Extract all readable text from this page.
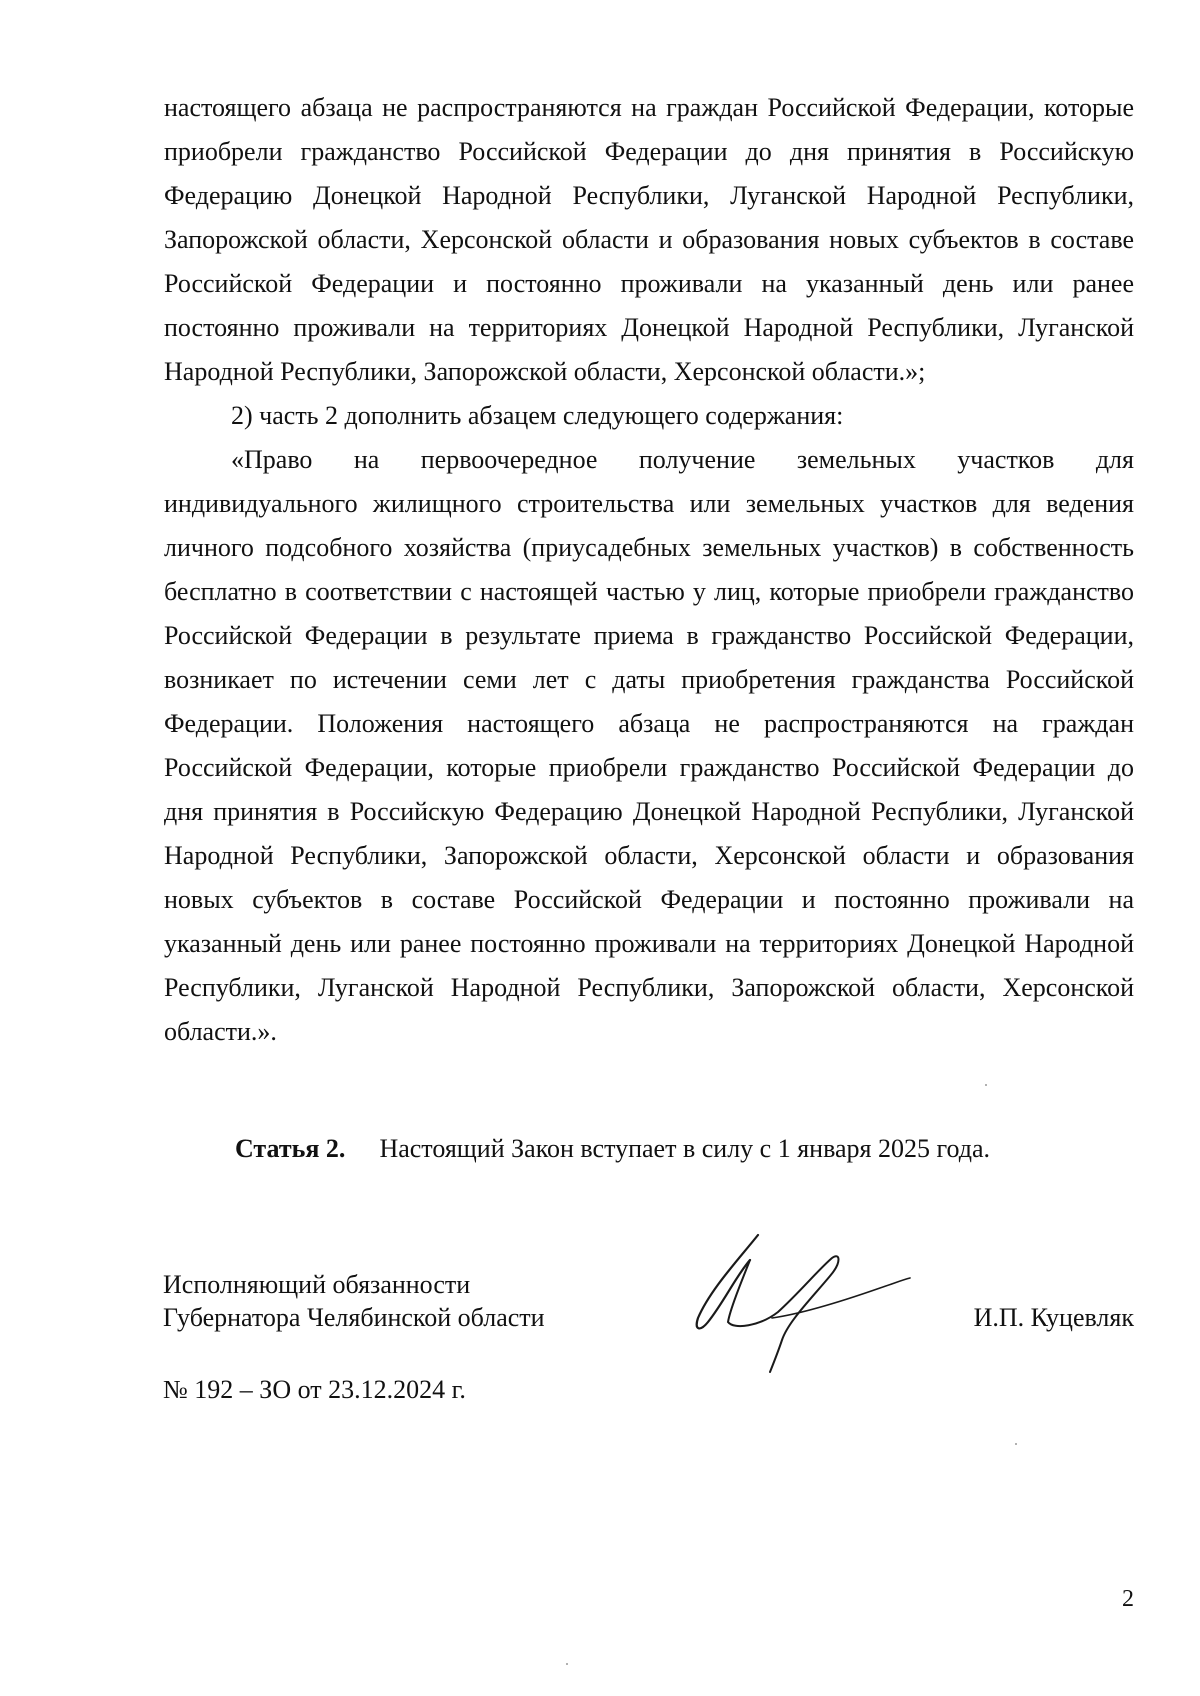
настоящего абзаца не распространяются на граждан Российской Федерации, которые
приобрели гражданство Российской Федерации до дня принятия в Российскую
Федерацию Донецкой Народной Республики, Луганской Народной Республики,
Запорожской области, Херсонской области и образования новых субъектов в составе
Российской Федерации и постоянно проживали на указанный день или ранее
постоянно проживали на территориях Донецкой Народной Республики, Луганской
Народной Республики, Запорожской области, Херсонской области.»;
2) часть 2 дополнить абзацем следующего содержания:
«Право на первоочередное получение земельных участков для
индивидуального жилищного строительства или земельных участков для ведения
личного подсобного хозяйства (приусадебных земельных участков) в собственность
бесплатно в соответствии с настоящей частью у лиц, которые приобрели гражданство
Российской Федерации в результате приема в гражданство Российской Федерации,
возникает по истечении семи лет с даты приобретения гражданства Российской
Федерации. Положения настоящего абзаца не распространяются на граждан
Российской Федерации, которые приобрели гражданство Российской Федерации до
дня принятия в Российскую Федерацию Донецкой Народной Республики, Луганской
Народной Республики, Запорожской области, Херсонской области и образования
новых субъектов в составе Российской Федерации и постоянно проживали на
указанный день или ранее постоянно проживали на территориях Донецкой Народной
Республики, Луганской Народной Республики, Запорожской области, Херсонской
области.».
Статья 2. Настоящий Закон вступает в силу с 1 января 2025 года.
Исполняющий обязанности
Губернатора Челябинской области	И.П. Куцевляк
№ 192 – ЗО от 23.12.2024 г.
2
